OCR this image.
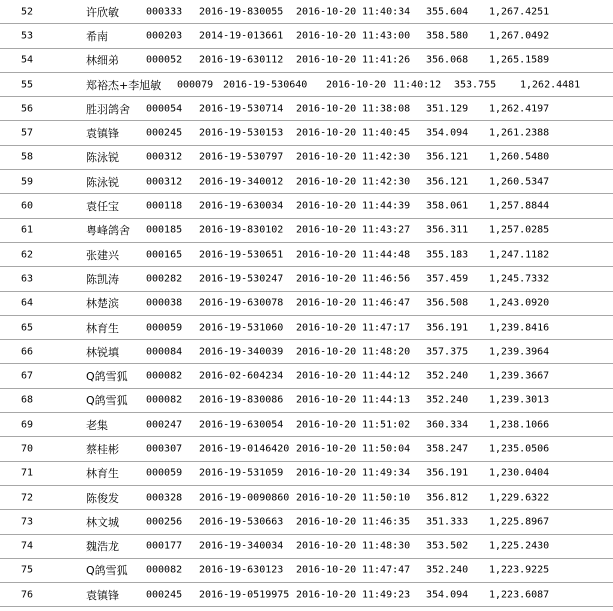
52	许欣敏	000333 2016-19-830055 2016-10-20 11:40:34 355.604 1,267.4251
53	希南	000203 2014-19-013661 2016-10-20 11:43:00 358.580 1,267.0492
54	林细弟	000052 2016-19-630112 2016-10-20 11:41:26 356.068 1,265.1589
55	郑裕杰+李旭敏 000079 2016-19-530640 2016-10-20 11:40:12 353.755 1,262.4481
56	胜羽鸽舍 000054 2016-19-530714 2016-10-20 11:38:08 351.129 1,262.4197
57	袁镇锋	000245 2016-19-530153 2016-10-20 11:40:45 354.094 1,261.2388
58	陈泳锐	000312 2016-19-530797 2016-10-20 11:42:30 356.121 1,260.5480
59	陈泳锐	000312 2016-19-340012 2016-10-20 11:42:30 356.121 1,260.5347
60	袁任宝	000118 2016-19-630034 2016-10-20 11:44:39 358.061 1,257.8844
61	粤峰鸽舍 000185 2016-19-830102 2016-10-20 11:43:27 356.311 1,257.0285
62	张建兴	000165 2016-19-530651 2016-10-20 11:44:48 355.183 1,247.1182
63	陈凯涛	000282 2016-19-530247 2016-10-20 11:46:56 357.459 1,245.7332
64	林楚滨	000038 2016-19-630078 2016-10-20 11:46:47 356.508 1,243.0920
65	林育生	000059 2016-19-531060 2016-10-20 11:47:17 356.191 1,239.8416
66	林锐填	000084 2016-19-340039 2016-10-20 11:48:20 357.375 1,239.3964
67	Q鸽雪狐 000082 2016-02-604234 2016-10-20 11:44:12 352.240 1,239.3667
68	Q鸽雪狐 000082 2016-19-830086 2016-10-20 11:44:13 352.240 1,239.3013
69	老集	000247 2016-19-630054 2016-10-20 11:51:02 360.334 1,238.1066
70	蔡桂彬	000307 2016-19-0146420 2016-10-20 11:50:04 358.247 1,235.0506
71	林育生	000059 2016-19-531059 2016-10-20 11:49:34 356.191 1,230.0404
72	陈俊发	000328 2016-19-0090860 2016-10-20 11:50:10 356.812 1,229.6322
73	林文城	000256 2016-19-530663 2016-10-20 11:46:35 351.333 1,225.8967
74	魏浩龙	000177 2016-19-340034 2016-10-20 11:48:30 353.502 1,225.2430
75	Q鸽雪狐 000082 2016-19-630123 2016-10-20 11:47:47 352.240 1,223.9225
76	袁镇锋	000245 2016-19-0519975 2016-10-20 11:49:23 354.094 1,223.6087
